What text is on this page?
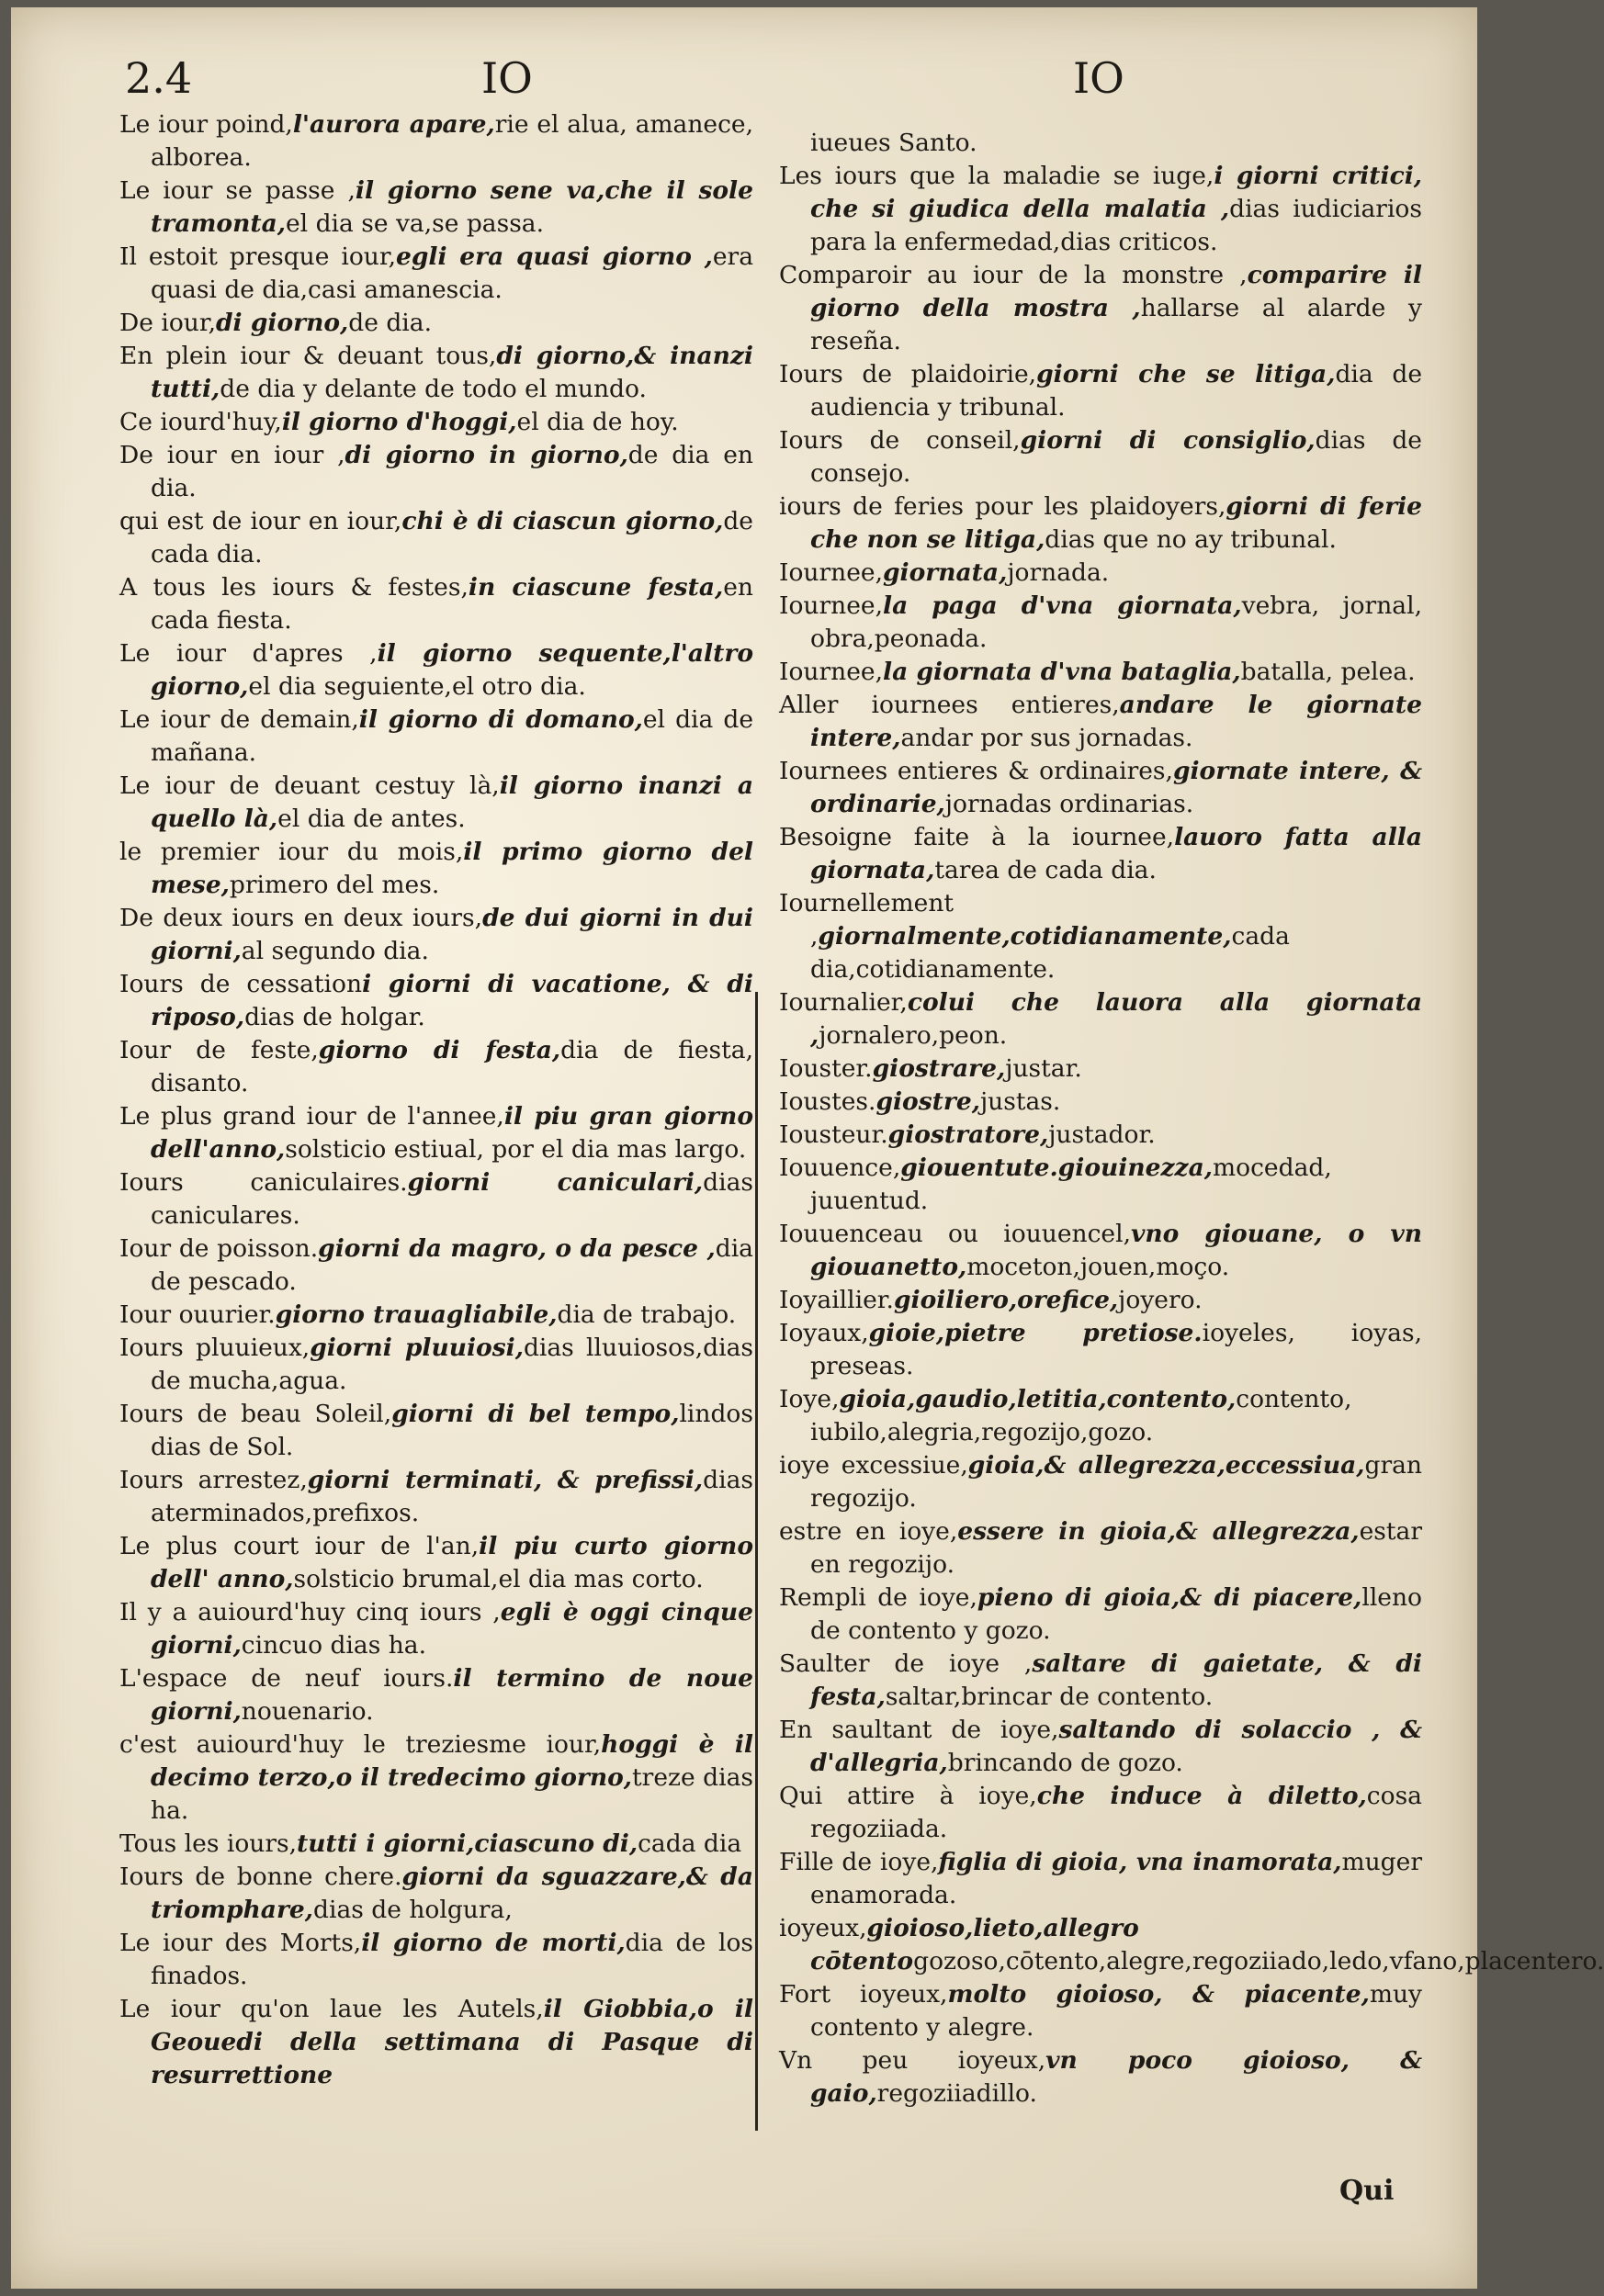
2.4	IO	IO

Le iour poind,l'aurora apare,rie el alua, amanece, alborea.

Le iour se passe ,il giorno sene va,che il sole tramonta,el dia se va,se passa.

Il estoit presque iour,egli era quasi giorno ,era quasi de dia,casi amanescia.

De iour,di giorno,de dia.

En plein iour & deuant tous,di giorno,& inanzi tutti,de dia y delante de todo el mundo.

Ce iourd'huy,il giorno d'hoggi,el dia de hoy.

De iour en iour ,di giorno in giorno,de dia en dia.

qui est de iour en iour,chi è di ciascun giorno,de cada dia.

A tous les iours & festes,in ciascune festa,en cada fiesta.

Le iour d'apres ,il giorno sequente,l'altro giorno,el dia seguiente,el otro dia.

Le iour de demain,il giorno di domano,el dia de mañana.

Le iour de deuant cestuy là,il giorno inanzi a quello là,el dia de antes.

le premier iour du mois,il primo giorno del mese,primero del mes.

De deux iours en deux iours,de dui giorni in dui giorni,al segundo dia.

Iours de cessationi giorni di vacatione, & di riposo,dias de holgar.

Iour de feste,giorno di festa,dia de fiesta, disanto.

Le plus grand iour de l'annee,il piu gran giorno dell'anno,solsticio estiual, por el dia mas largo.

Iours caniculaires.giorni caniculari,dias caniculares.

Iour de poisson.giorni da magro, o da pesce ,dia de pescado.

Iour ouurier.giorno trauagliabile,dia de trabajo.

Iours pluuieux,giorni pluuiosi,dias lluuiosos,dias de mucha,agua.

Iours de beau Soleil,giorni di bel tempo,lindos dias de Sol.

Iours arrestez,giorni terminati, & prefissi,dias aterminados,prefixos.

Le plus court iour de l'an,il piu curto giorno dell' anno,solsticio brumal,el dia mas corto.

Il y a auiourd'huy cinq iours ,egli è oggi cinque giorni,cincuo dias ha.

L'espace de neuf iours.il termino de noue giorni,nouenario.

c'est auiourd'huy le treziesme iour,hoggi è il decimo terzo,o il tredecimo giorno,treze dias ha.

Tous les iours,tutti i giorni,ciascuno di,cada dia

Iours de bonne chere.giorni da sguazzare,& da triomphare,dias de holgura,

Le iour des Morts,il giorno de morti,dia de los finados.

Le iour qu'on laue les Autels,il Giobbia,o il Geouedi della settimana di Pasque di resurrettione

iueues Santo.

Les iours que la maladie se iuge,i giorni critici, che si giudica della malatia ,dias iudiciarios para la enfermedad,dias criticos.

Comparoir au iour de la monstre ,comparire il giorno della mostra ,hallarse al alarde y reseña.

Iours de plaidoirie,giorni che se litiga,dia de audiencia y tribunal.

Iours de conseil,giorni di consiglio,dias de consejo.

iours de feries pour les plaidoyers,giorni di ferie che non se litiga,dias que no ay tribunal.

Iournee,giornata,jornada.

Iournee,la paga d'vna giornata,vebra, jornal, obra,peonada.

Iournee,la giornata d'vna bataglia,batalla, pelea.

Aller iournees entieres,andare le giornate intere,andar por sus jornadas.

Iournees entieres & ordinaires,giornate intere, & ordinarie,jornadas ordinarias.

Besoigne faite à la iournee,lauoro fatta alla giornata,tarea de cada dia.

Iournellement ,giornalmente,cotidianamente,cada dia,cotidianamente.

Iournalier,colui che lauora alla giornata ,jornalero,peon.

Iouster.giostrare,justar.

Ioustes.giostre,justas.

Iousteur.giostratore,justador.

Iouuence,giouentute.giouinezza,mocedad, juuentud.

Iouuenceau ou iouuencel,vno giouane, o vn giouanetto,moceton,jouen,moço.

Ioyaillier.gioiliero,orefice,joyero.

Ioyaux,gioie,pietre pretiose.ioyeles, ioyas, preseas.

Ioye,gioia,gaudio,letitia,contento,contento, iubilo,alegria,regozijo,gozo.

ioye excessiue,gioia,& allegrezza,eccessiua,gran regozijo.

estre en ioye,essere in gioia,& allegrezza,estar en regozijo.

Rempli de ioye,pieno di gioia,& di piacere,lleno de contento y gozo.

Saulter de ioye ,saltare di gaietate, & di festa,saltar,brincar de contento.

En saultant de ioye,saltando di solaccio , & d'allegria,brincando de gozo.

Qui attire à ioye,che induce à diletto,cosa regoziiada.

Fille de ioye,figlia di gioia, vna inamorata,muger enamorada.

ioyeux,gioioso,lieto,allegro cōtentogozoso,cōtento,alegre,regoziiado,ledo,vfano,placentero.

Fort ioyeux,molto gioioso, & piacente,muy contento y alegre.

Vn peu ioyeux,vn poco gioioso, & gaio,regoziiadillo.

Qui
